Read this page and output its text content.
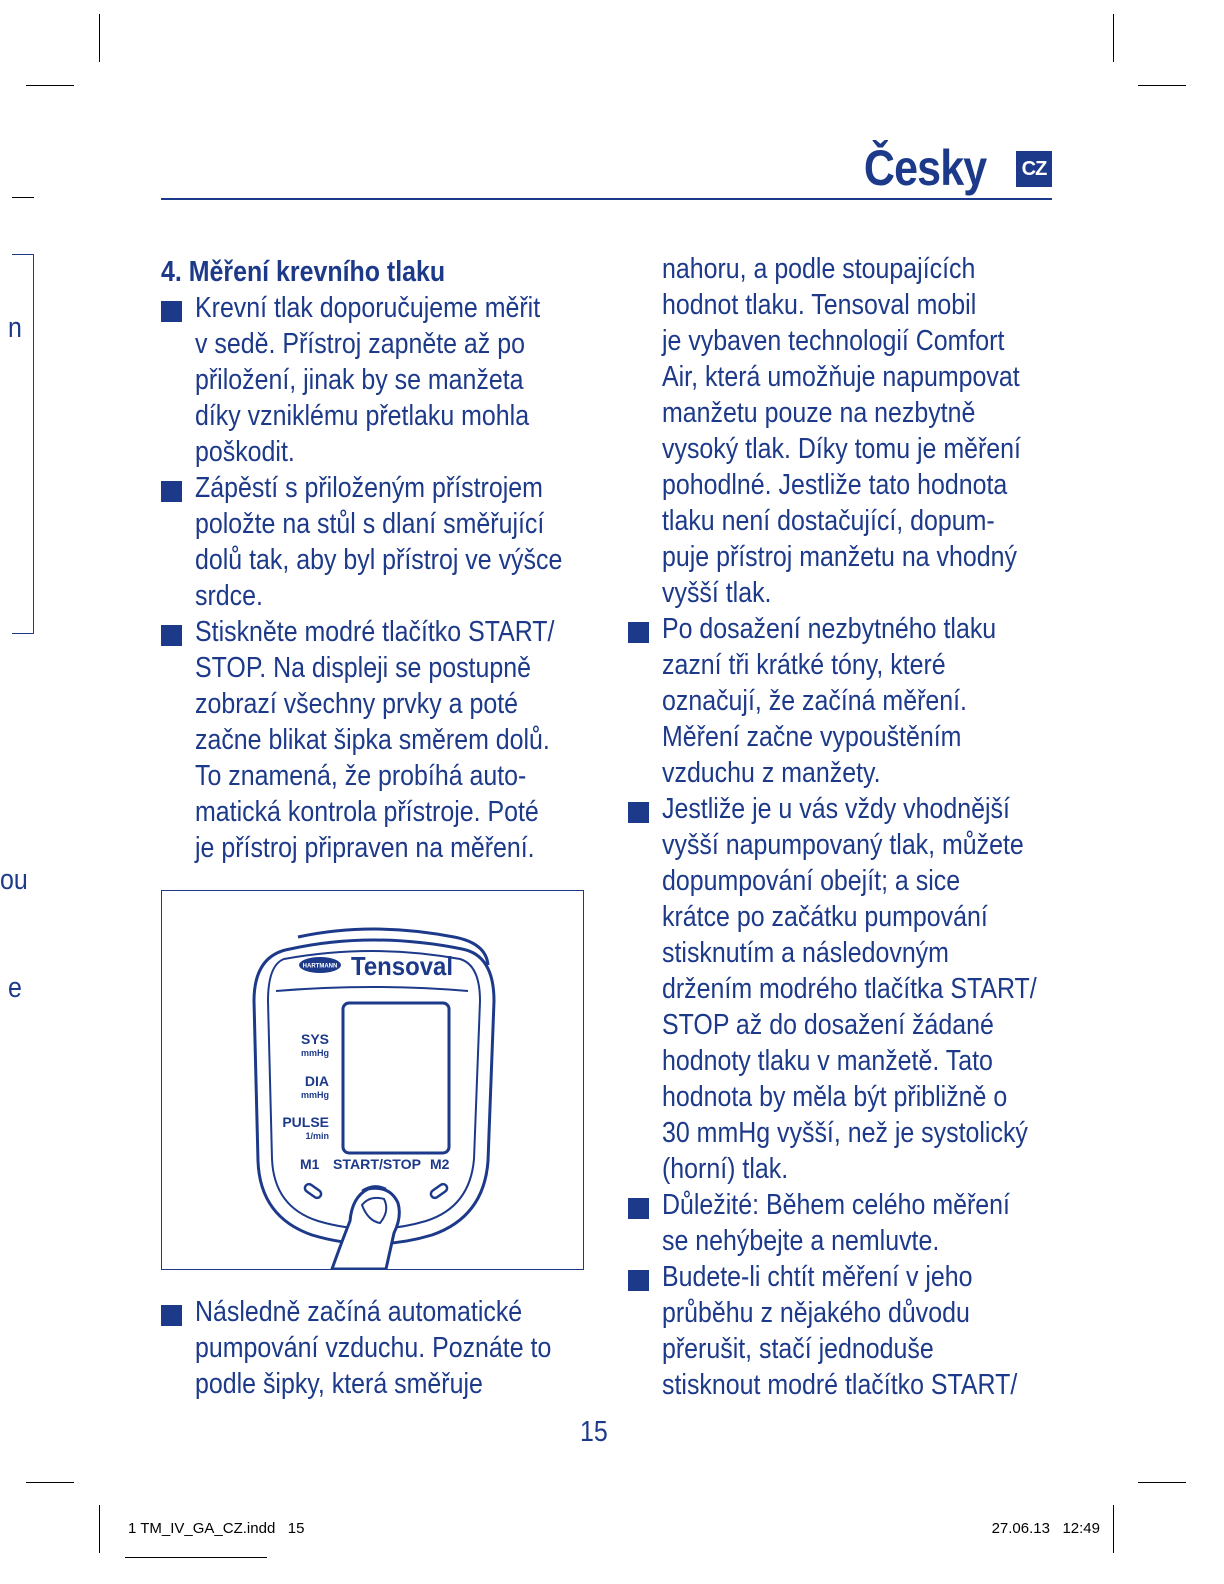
n
ou
e
Česky CZ
4. Měření krevního tlaku
Krevní tlak doporučujeme měřit
v sedě. Přístroj zapněte až po
přiložení, jinak by se manžeta
díky vzniklému přetlaku mohla
poškodit.
Zápěstí s přiloženým přístrojem
položte na stůl s dlaní směřující
dolů tak, aby byl přístroj ve výšce
srdce.
Stiskněte modré tlačítko START/
STOP. Na displeji se postupně
zobrazí všechny prvky a poté
začne blikat šipka směrem dolů.
To znamená, že probíhá auto-
matická kontrola přístroje. Poté
je přístroj připraven na měření.
HARTMANN Tensoval
SYS
mmHg
DIA
mmHg
PULSE
1/min
M1 START/STOP M2
Následně začíná automatické
pumpování vzduchu. Poznáte to
podle šipky, která směřuje
nahoru, a podle stoupajících
hodnot tlaku. Tensoval mobil
je vybaven technologií Comfort
Air, která umožňuje napumpovat
manžetu pouze na nezbytně
vysoký tlak. Díky tomu je měření
pohodlné. Jestliže tato hodnota
tlaku není dostačující, dopum-
puje přístroj manžetu na vhodný
vyšší tlak.
Po dosažení nezbytného tlaku
zazní tři krátké tóny, které
označují, že začíná měření.
Měření začne vypouštěním
vzduchu z manžety.
Jestliže je u vás vždy vhodnější
vyšší napumpovaný tlak, můžete
dopumpování obejít; a sice
krátce po začátku pumpování
stisknutím a následovným
držením modrého tlačítka START/
STOP až do dosažení žádané
hodnoty tlaku v manžetě. Tato
hodnota by měla být přibližně o
30 mmHg vyšší, než je systolický
(horní) tlak.
Důležité: Během celého měření
se nehýbejte a nemluvte.
Budete-li chtít měření v jeho
průběhu z nějakého důvodu
přerušit, stačí jednoduše
stisknout modré tlačítko START/
15
1 TM_IV_GA_CZ.indd   15	27.06.13   12:49
